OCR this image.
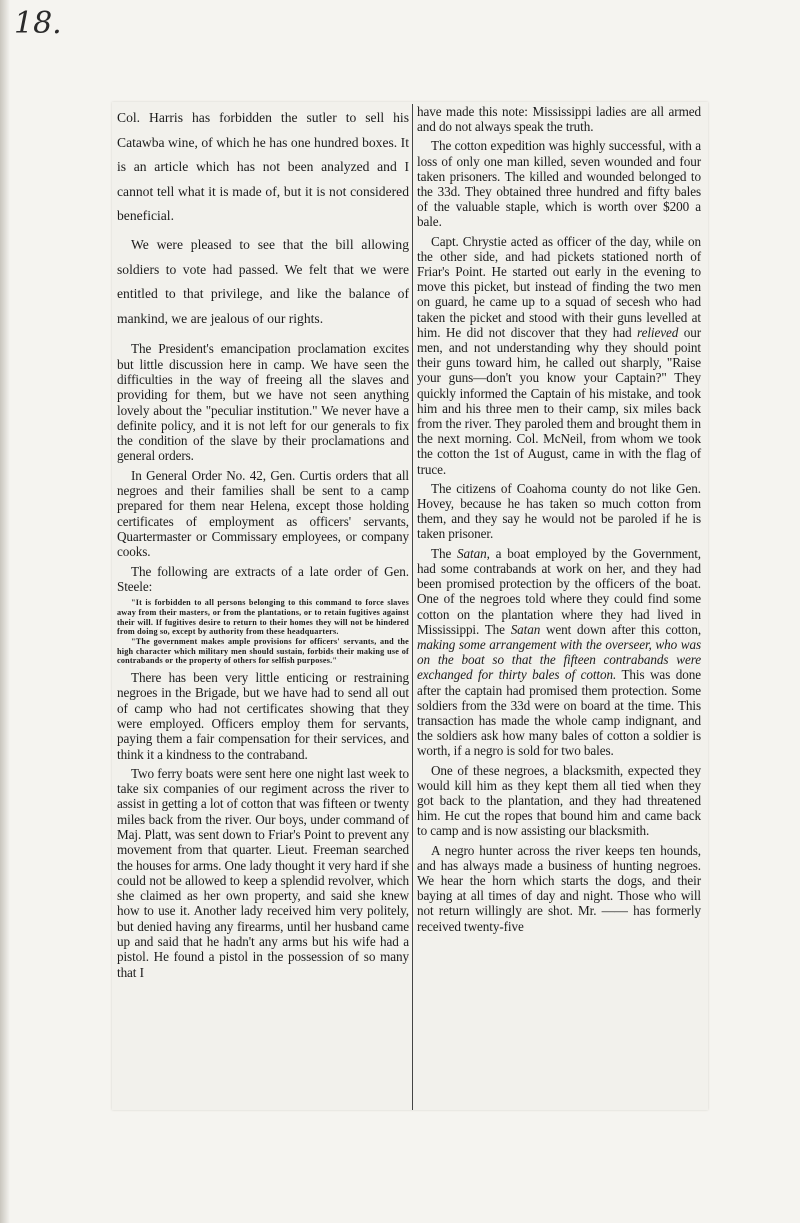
18.

Col. Harris has forbidden the sutler to sell his Catawba wine, of which he has one hundred boxes. It is an article which has not been analyzed and I cannot tell what it is made of, but it is not considered beneficial.

We were pleased to see that the bill allowing soldiers to vote had passed. We felt that we were entitled to that privilege, and like the balance of mankind, we are jealous of our rights.

The President's emancipation proclamation excites but little discussion here in camp. We have seen the difficulties in the way of freeing all the slaves and providing for them, but we have not seen anything lovely about the "peculiar institution." We never have a definite policy, and it is not left for our generals to fix the condition of the slave by their proclamations and general orders.

In General Order No. 42, Gen. Curtis orders that all negroes and their families shall be sent to a camp prepared for them near Helena, except those holding certificates of employment as officers' servants, Quartermaster or Commissary employees, or company cooks.

The following are extracts of a late order of Gen. Steele:

"It is forbidden to all persons belonging to this command to force slaves away from their masters, or from the plantations, or to retain fugitives against their will. If fugitives desire to return to their homes they will not be hindered from doing so, except by authority from these headquarters.

"The government makes ample provisions for officers' servants, and the high character which military men should sustain, forbids their making use of contrabands or the property of others for selfish purposes."

There has been very little enticing or restraining negroes in the Brigade, but we have had to send all out of camp who had not certificates showing that they were employed. Officers employ them for servants, paying them a fair compensation for their services, and think it a kindness to the contraband.

Two ferry boats were sent here one night last week to take six companies of our regiment across the river to assist in getting a lot of cotton that was fifteen or twenty miles back from the river. Our boys, under command of Maj. Platt, was sent down to Friar's Point to prevent any movement from that quarter. Lieut. Freeman searched the houses for arms. One lady thought it very hard if she could not be allowed to keep a splendid revolver, which she claimed as her own property, and said she knew how to use it. Another lady received him very politely, but denied having any firearms, until her husband came up and said that he hadn't any arms but his wife had a pistol. He found a pistol in the possession of so many that I

have made this note: Mississippi ladies are all armed and do not always speak the truth.

The cotton expedition was highly successful, with a loss of only one man killed, seven wounded and four taken prisoners. The killed and wounded belonged to the 33d. They obtained three hundred and fifty bales of the valuable staple, which is worth over $200 a bale.

Capt. Chrystie acted as officer of the day, while on the other side, and had pickets stationed north of Friar's Point. He started out early in the evening to move this picket, but instead of finding the two men on guard, he came up to a squad of secesh who had taken the picket and stood with their guns levelled at him. He did not discover that they had relieved our men, and not understanding why they should point their guns toward him, he called out sharply, "Raise your guns—don't you know your Captain?" They quickly informed the Captain of his mistake, and took him and his three men to their camp, six miles back from the river. They paroled them and brought them in the next morning. Col. McNeil, from whom we took the cotton the 1st of August, came in with the flag of truce.

The citizens of Coahoma county do not like Gen. Hovey, because he has taken so much cotton from them, and they say he would not be paroled if he is taken prisoner.

The Satan, a boat employed by the Government, had some contrabands at work on her, and they had been promised protection by the officers of the boat. One of the negroes told where they could find some cotton on the plantation where they had lived in Mississippi. The Satan went down after this cotton, making some arrangement with the overseer, who was on the boat so that the fifteen contrabands were exchanged for thirty bales of cotton. This was done after the captain had promised them protection. Some soldiers from the 33d were on board at the time. This transaction has made the whole camp indignant, and the soldiers ask how many bales of cotton a soldier is worth, if a negro is sold for two bales.

One of these negroes, a blacksmith, expected they would kill him as they kept them all tied when they got back to the plantation, and they had threatened him. He cut the ropes that bound him and came back to camp and is now assisting our blacksmith.

A negro hunter across the river keeps ten hounds, and has always made a business of hunting negroes. We hear the horn which starts the dogs, and their baying at all times of day and night. Those who will not return willingly are shot. Mr. —— has formerly received twenty-five
